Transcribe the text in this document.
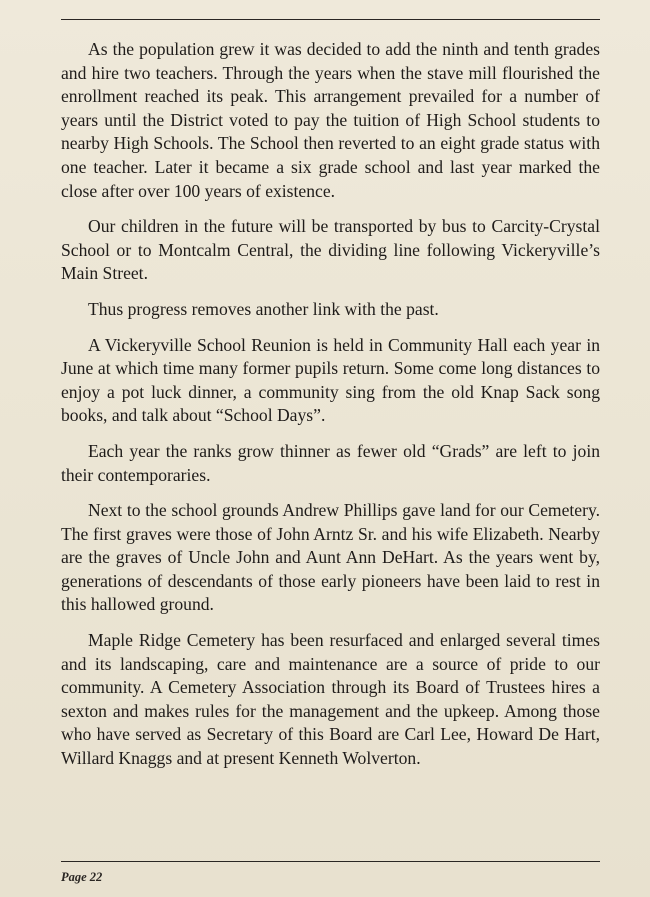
As the population grew it was decided to add the ninth and tenth grades and hire two teachers. Through the years when the stave mill flourished the enrollment reached its peak. This arrangement prevailed for a number of years until the District voted to pay the tuition of High School students to nearby High Schools. The School then reverted to an eight grade status with one teacher. Later it became a six grade school and last year marked the close after over 100 years of existence.

Our children in the future will be transported by bus to Carcity-Crystal School or to Montcalm Central, the dividing line following Vickeryville’s Main Street.

Thus progress removes another link with the past.

A Vickeryville School Reunion is held in Community Hall each year in June at which time many former pupils return. Some come long distances to enjoy a pot luck dinner, a community sing from the old Knap Sack song books, and talk about “School Days”.

Each year the ranks grow thinner as fewer old “Grads” are left to join their contemporaries.

Next to the school grounds Andrew Phillips gave land for our Cemetery. The first graves were those of John Arntz Sr. and his wife Elizabeth. Nearby are the graves of Uncle John and Aunt Ann DeHart. As the years went by, generations of descendants of those early pioneers have been laid to rest in this hallowed ground.

Maple Ridge Cemetery has been resurfaced and enlarged several times and its landscaping, care and maintenance are a source of pride to our community. A Cemetery Association through its Board of Trustees hires a sexton and makes rules for the management and the upkeep. Among those who have served as Secretary of this Board are Carl Lee, Howard De Hart, Willard Knaggs and at present Kenneth Wolverton.

Page 22
